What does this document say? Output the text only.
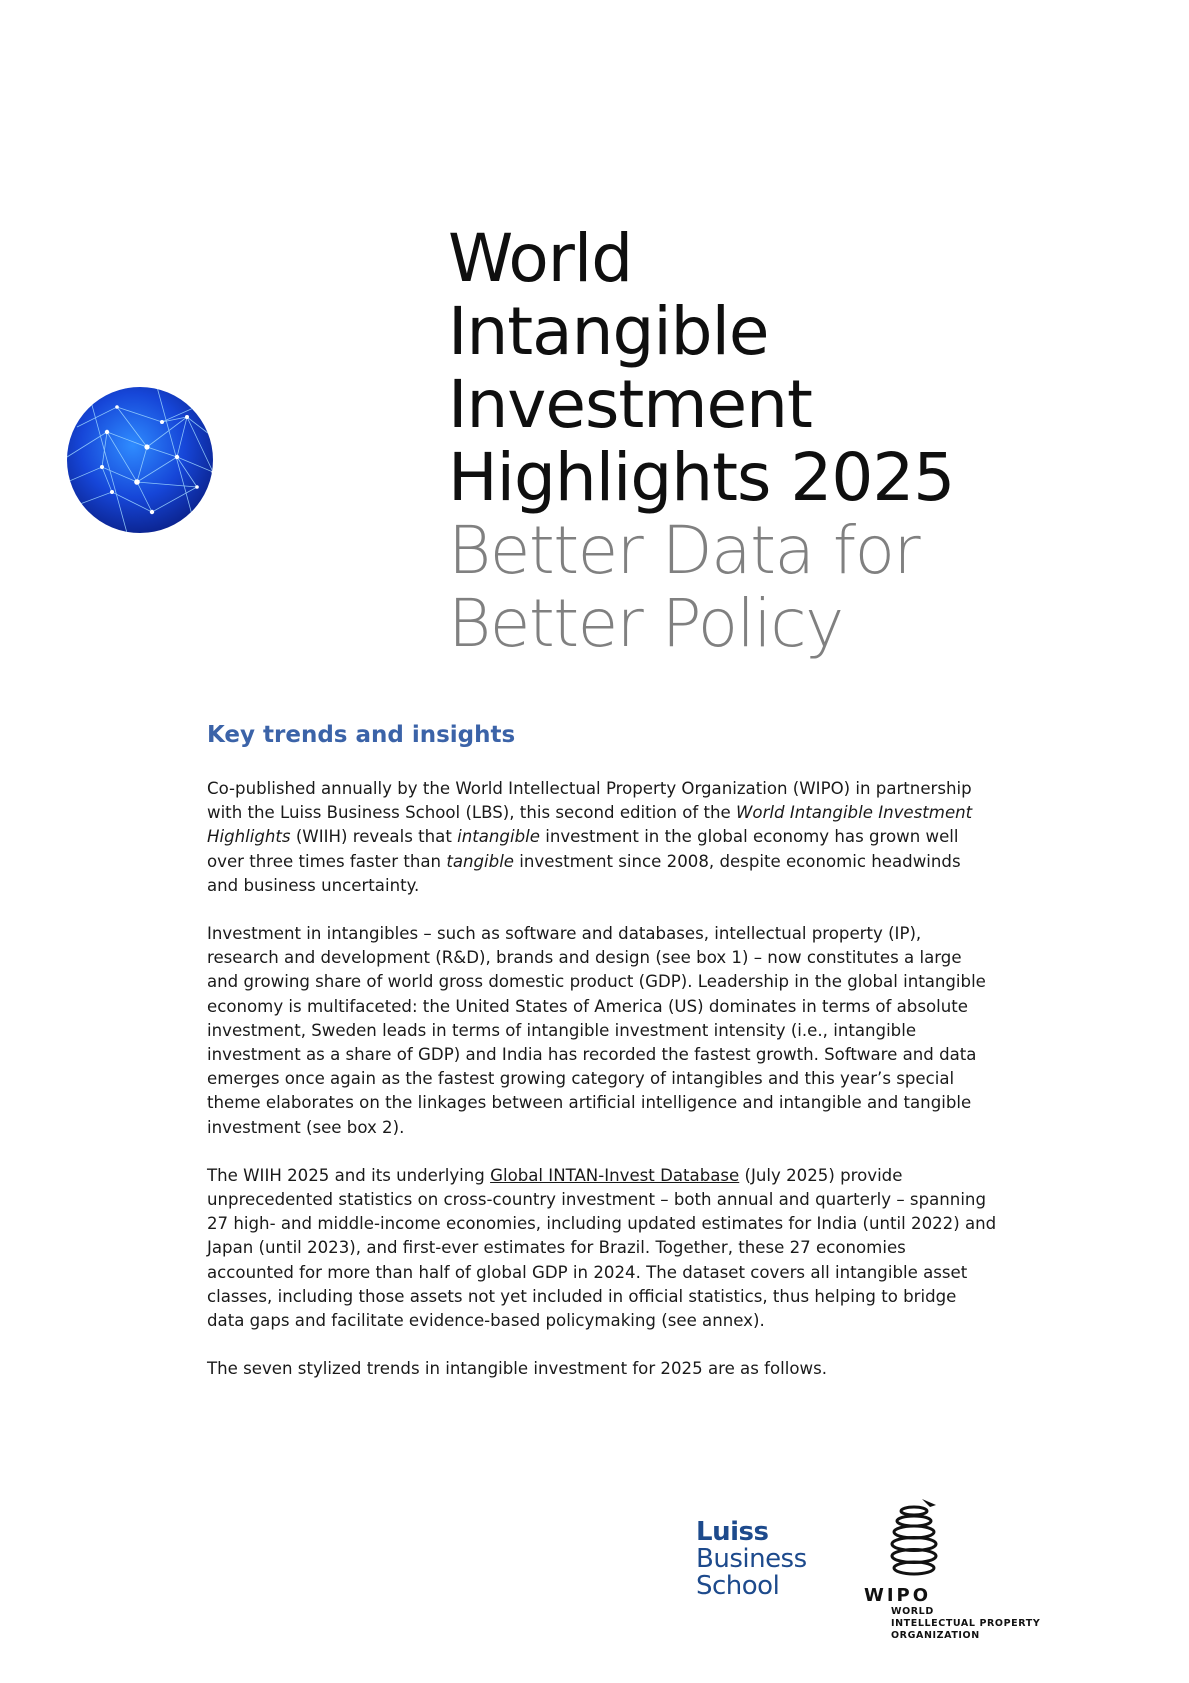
World
Intangible
Investment
Highlights 2025
Better Data for
Better Policy
Key trends and insights

Co-published annually by the World Intellectual Property Organization (WIPO) in partnership with the Luiss Business School (LBS), this second edition of the World Intangible Investment Highlights (WIIH) reveals that intangible investment in the global economy has grown well over three times faster than tangible investment since 2008, despite economic headwinds and business uncertainty.

Investment in intangibles – such as software and databases, intellectual property (IP), research and development (R&D), brands and design (see box 1) – now constitutes a large and growing share of world gross domestic product (GDP). Leadership in the global intangible economy is multifaceted: the United States of America (US) dominates in terms of absolute investment, Sweden leads in terms of intangible investment intensity (i.e., intangible investment as a share of GDP) and India has recorded the fastest growth. Software and data emerges once again as the fastest growing category of intangibles and this year’s special theme elaborates on the linkages between artificial intelligence and intangible and tangible investment (see box 2).

The WIIH 2025 and its underlying Global INTAN-Invest Database (July 2025) provide unprecedented statistics on cross-country investment – both annual and quarterly – spanning 27 high- and middle-income economies, including updated estimates for India (until 2022) and Japan (until 2023), and first-ever estimates for Brazil. Together, these 27 economies accounted for more than half of global GDP in 2024. The dataset covers all intangible asset classes, including those assets not yet included in official statistics, thus helping to bridge data gaps and facilitate evidence-based policymaking (see annex).

The seven stylized trends in intangible investment for 2025 are as follows.

Luiss
Business
School	WIPO
WORLD
INTELLECTUAL PROPERTY
ORGANIZATION
